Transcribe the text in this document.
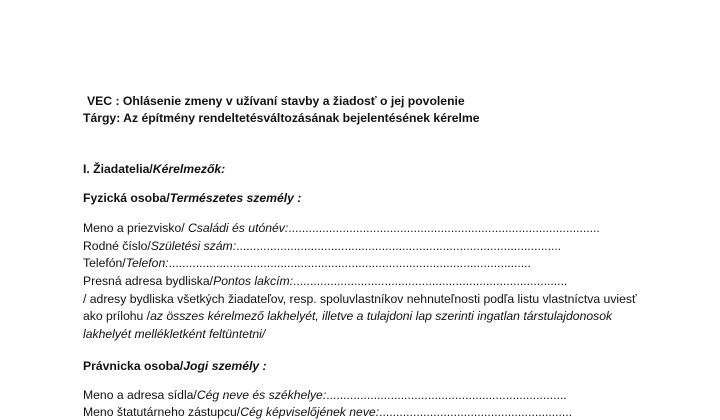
VEC : Ohlásenie zmeny v užívaní stavby a žiadosť o jej povolenie
Tárgy: Az építmény rendeltetésváltozásának bejelentésének kérelme
I. Žiadatelia/Kérelmezők:
Fyzická osoba/Természetes személy :
Meno a priezvisko/ Családi és utónév:............................................................................................
Rodné číslo/Születési szám:................................................................................................
Telefón/Telefon:...........................................................................................................
Presná adresa bydliska/Pontos lakcím:.................................................................................
/ adresy bydliska všetkých žiadateľov, resp. spoluvlastníkov nehnuteľnosti podľa listu vlastníctva uviesť
ako prílohu /az összes kérelmező lakhelyét, illetve a tulajdoni lap szerinti ingatlan társtulajdonosok
lakhelyét mellékletként feltüntetni/
Právnicka osoba/Jogi személy :
Meno a adresa sídla/Cég neve és székhelye:.......................................................................
Meno štatutárneho zástupcu/Cég képviselőjének neve:.........................................................
